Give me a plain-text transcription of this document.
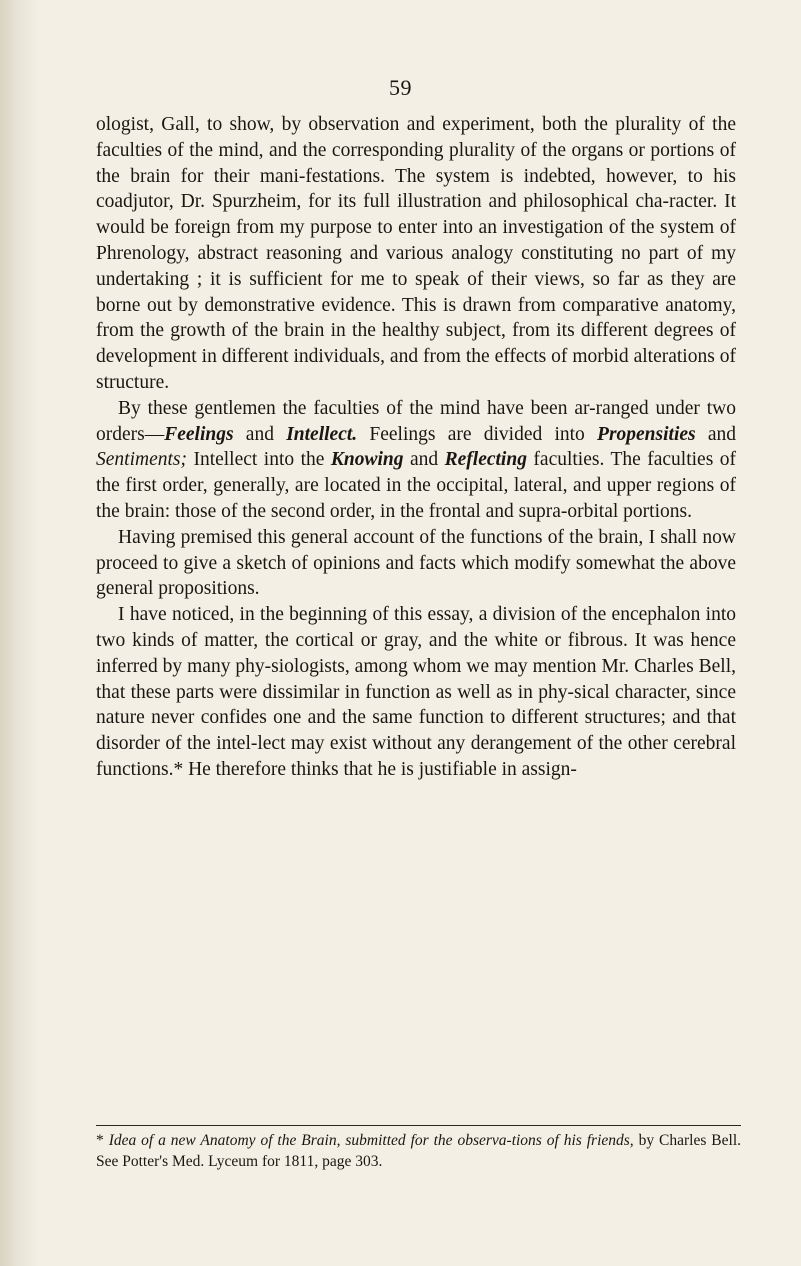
59

ologist, Gall, to show, by observation and experiment, both the plurality of the faculties of the mind, and the corresponding plurality of the organs or portions of the brain for their mani-festations. The system is indebted, however, to his coadjutor, Dr. Spurzheim, for its full illustration and philosophical cha-racter. It would be foreign from my purpose to enter into an investigation of the system of Phrenology, abstract reasoning and various analogy constituting no part of my undertaking ; it is sufficient for me to speak of their views, so far as they are borne out by demonstrative evidence. This is drawn from comparative anatomy, from the growth of the brain in the healthy subject, from its different degrees of development in different individuals, and from the effects of morbid alterations of structure.

By these gentlemen the faculties of the mind have been ar-ranged under two orders—Feelings and Intellect. Feelings are divided into Propensities and Sentiments; Intellect into the Knowing and Reflecting faculties. The faculties of the first order, generally, are located in the occipital, lateral, and upper regions of the brain: those of the second order, in the frontal and supra-orbital portions.

Having premised this general account of the functions of the brain, I shall now proceed to give a sketch of opinions and facts which modify somewhat the above general propositions.

I have noticed, in the beginning of this essay, a division of the encephalon into two kinds of matter, the cortical or gray, and the white or fibrous. It was hence inferred by many phy-siologists, among whom we may mention Mr. Charles Bell, that these parts were dissimilar in function as well as in phy-sical character, since nature never confides one and the same function to different structures; and that disorder of the intel-lect may exist without any derangement of the other cerebral functions.* He therefore thinks that he is justifiable in assign-

* Idea of a new Anatomy of the Brain, submitted for the observa-tions of his friends, by Charles Bell. See Potter's Med. Lyceum for 1811, page 303.
